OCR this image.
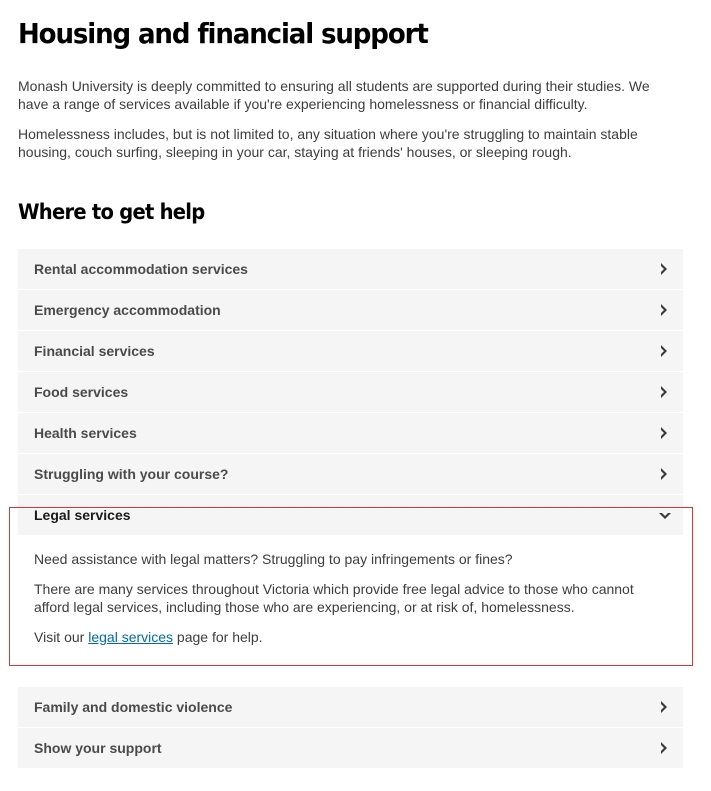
Housing and financial support

Monash University is deeply committed to ensuring all students are supported during their studies. We have a range of services available if you're experiencing homelessness or financial difficulty.

Homelessness includes, but is not limited to, any situation where you're struggling to maintain stable housing, couch surfing, sleeping in your car, staying at friends' houses, or sleeping rough.

Where to get help
Rental accommodation services
Emergency accommodation
Financial services
Food services
Health services
Struggling with your course?
Legal services

Need assistance with legal matters? Struggling to pay infringements or fines?

There are many services throughout Victoria which provide free legal advice to those who cannot afford legal services, including those who are experiencing, or at risk of, homelessness.

Visit our legal services page for help.

Family and domestic violence
Show your support
